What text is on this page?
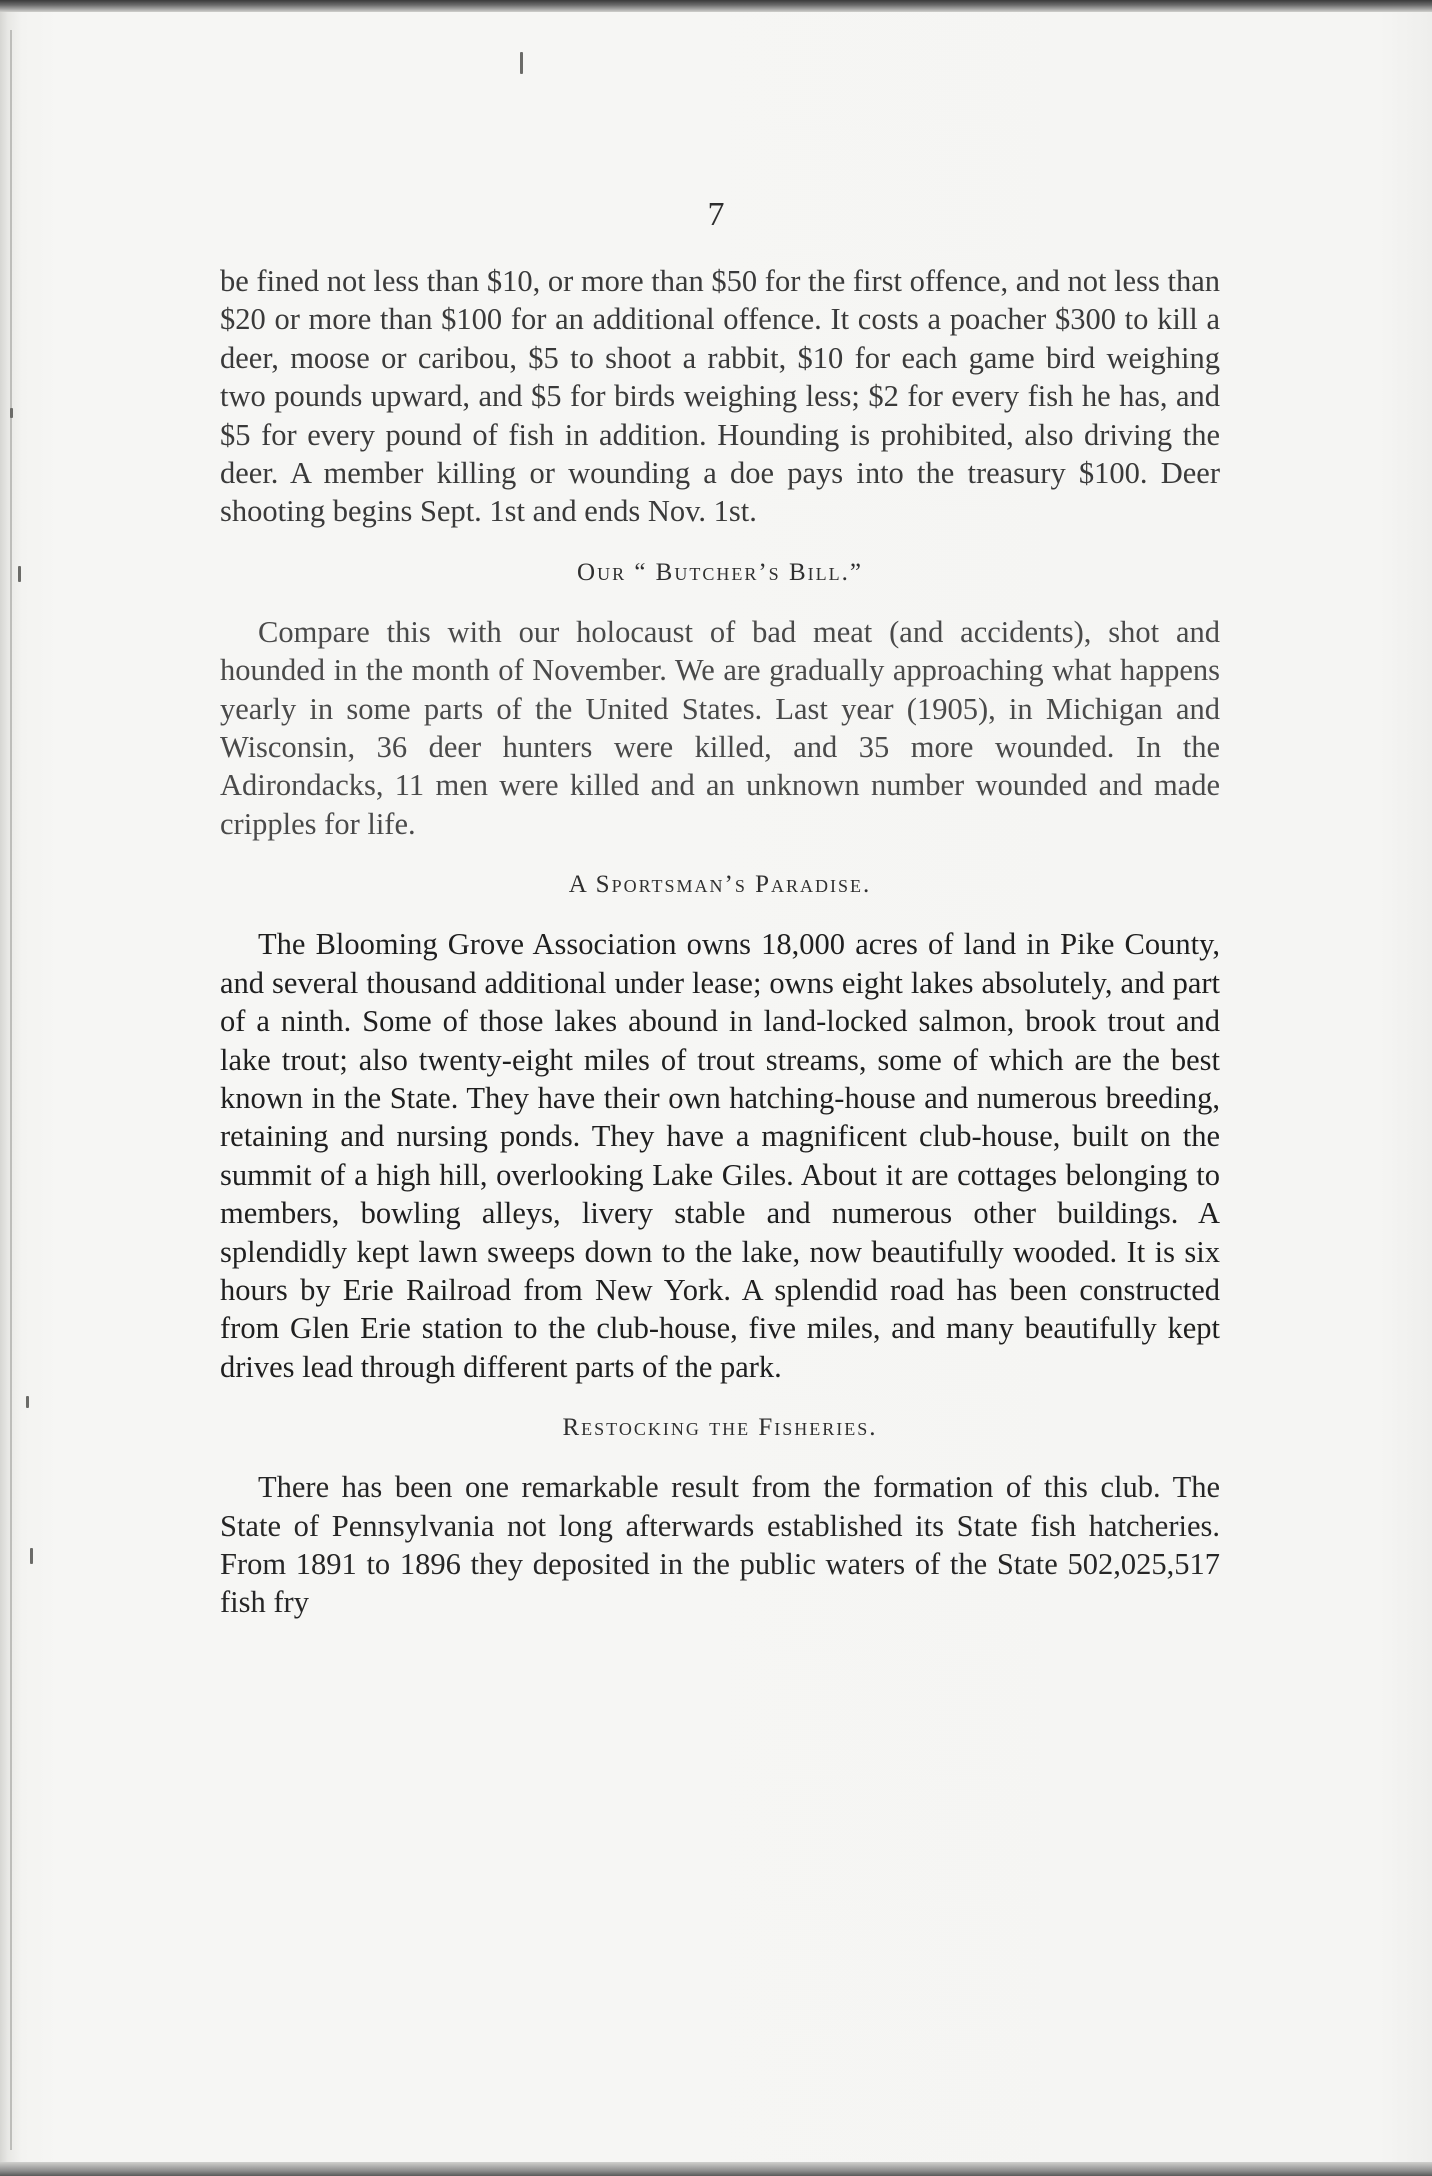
7

be fined not less than $10, or more than $50 for the first offence, and not less than $20 or more than $100 for an additional offence. It costs a poacher $300 to kill a deer, moose or caribou, $5 to shoot a rabbit, $10 for each game bird weighing two pounds upward, and $5 for birds weighing less; $2 for every fish he has, and $5 for every pound of fish in addition. Hounding is prohibited, also driving the deer. A member killing or wounding a doe pays into the treasury $100. Deer shooting begins Sept. 1st and ends Nov. 1st.

Our “ Butcher’s Bill.”

Compare this with our holocaust of bad meat (and accidents), shot and hounded in the month of November. We are gradually approaching what happens yearly in some parts of the United States. Last year (1905), in Michigan and Wisconsin, 36 deer hunters were killed, and 35 more wounded. In the Adirondacks, 11 men were killed and an unknown number wounded and made cripples for life.

A Sportsman’s Paradise.

The Blooming Grove Association owns 18,000 acres of land in Pike County, and several thousand additional under lease; owns eight lakes absolutely, and part of a ninth. Some of those lakes abound in land-locked salmon, brook trout and lake trout; also twenty-eight miles of trout streams, some of which are the best known in the State. They have their own hatching-house and numerous breeding, retaining and nursing ponds. They have a magnificent club-house, built on the summit of a high hill, overlooking Lake Giles. About it are cottages belonging to members, bowling alleys, livery stable and numerous other buildings. A splendidly kept lawn sweeps down to the lake, now beautifully wooded. It is six hours by Erie Railroad from New York. A splendid road has been constructed from Glen Erie station to the club-house, five miles, and many beautifully kept drives lead through different parts of the park.

Restocking the Fisheries.

There has been one remarkable result from the formation of this club. The State of Pennsylvania not long afterwards established its State fish hatcheries. From 1891 to 1896 they deposited in the public waters of the State 502,025,517 fish fry
